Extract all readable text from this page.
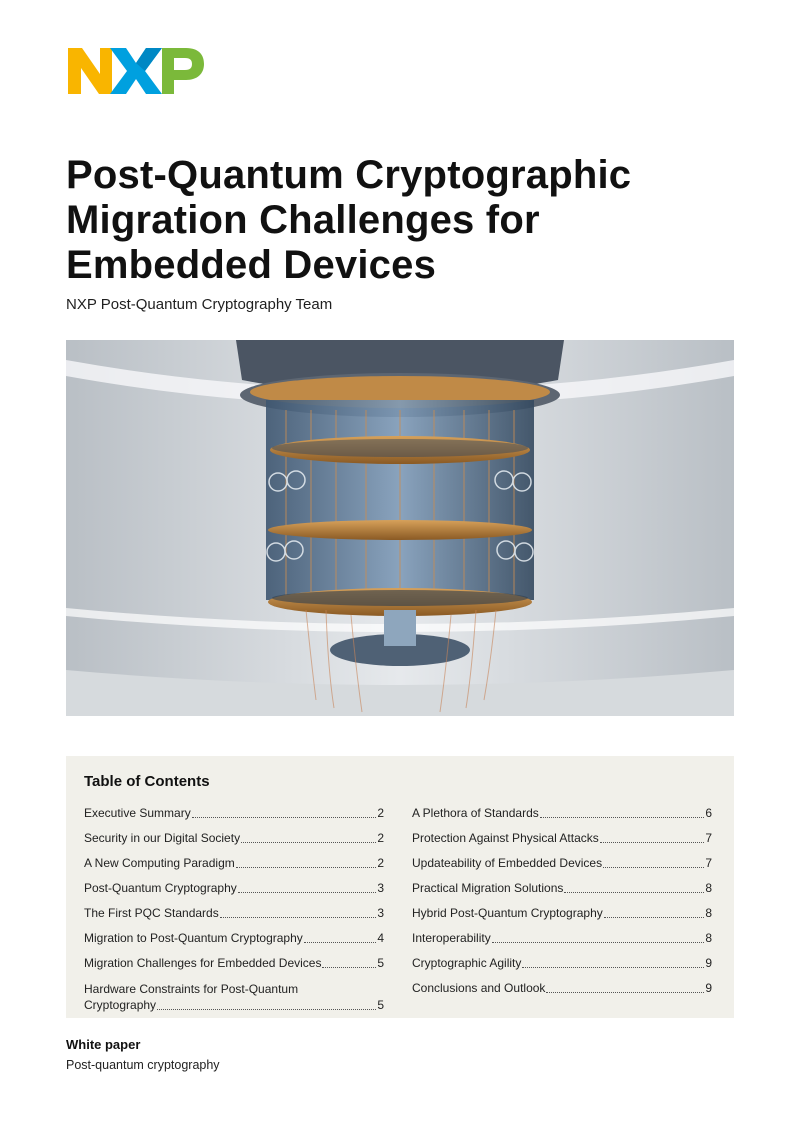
Post-Quantum Cryptographic Migration Challenges for Embedded Devices
NXP Post-Quantum Cryptography Team
Table of Contents
Executive Summary	2
Security in our Digital Society	2
A New Computing Paradigm	2
Post-Quantum Cryptography	3
The First PQC Standards	3
Migration to Post-Quantum Cryptography	4
Migration Challenges for Embedded Devices	5
Hardware Constraints for Post-Quantum
Cryptography	5
A Plethora of Standards	6
Protection Against Physical Attacks	7
Updateability of Embedded Devices	7
Practical Migration Solutions	8
Hybrid Post-Quantum Cryptography	8
Interoperability	8
Cryptographic Agility	9
Conclusions and Outlook	9
White paper
Post-quantum cryptography
